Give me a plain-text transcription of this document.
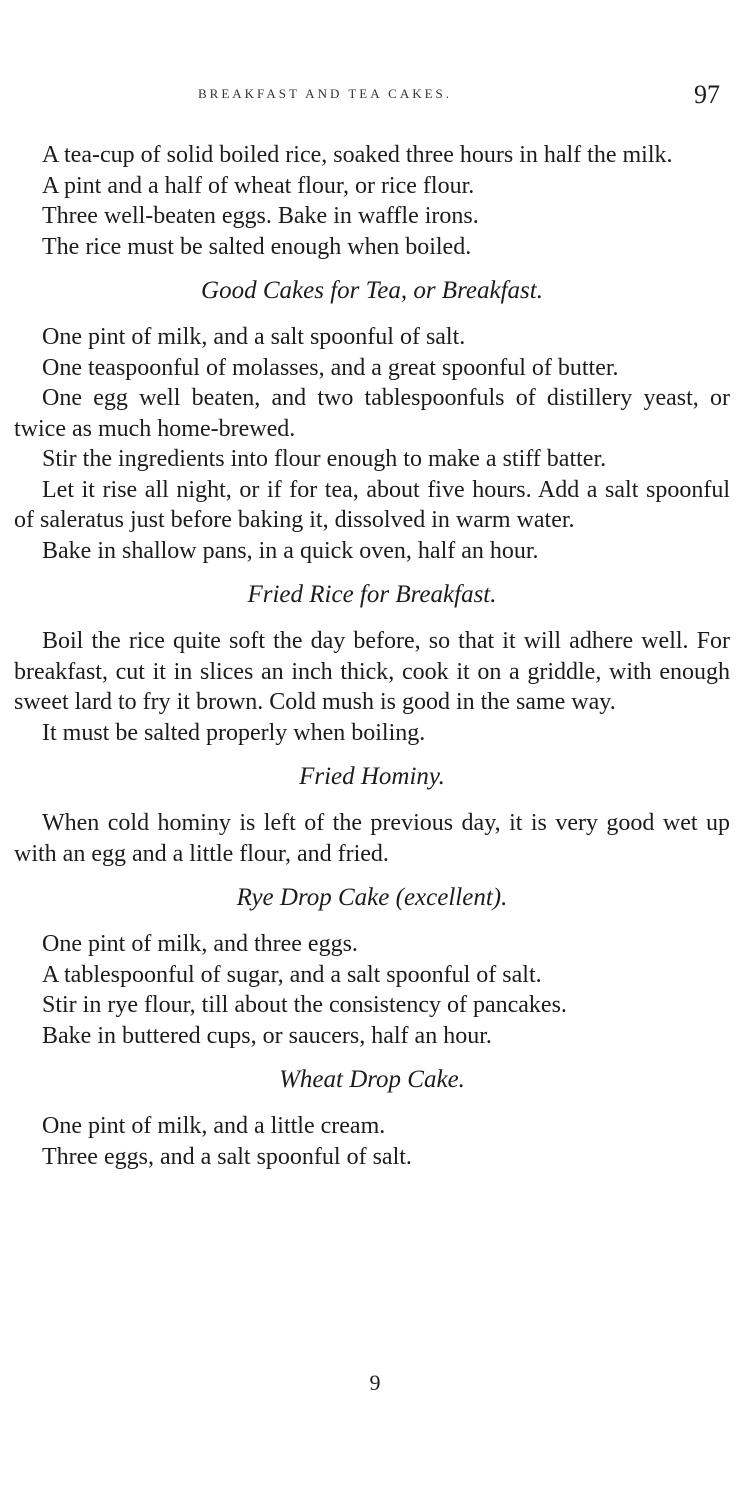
BREAKFAST AND TEA CAKES.	97

A tea-cup of solid boiled rice, soaked three hours in half the milk.

A pint and a half of wheat flour, or rice flour.

Three well-beaten eggs. Bake in waffle irons.

The rice must be salted enough when boiled.

Good Cakes for Tea, or Breakfast.

One pint of milk, and a salt spoonful of salt.

One teaspoonful of molasses, and a great spoonful of butter.

One egg well beaten, and two tablespoonfuls of distillery yeast, or twice as much home-brewed.

Stir the ingredients into flour enough to make a stiff batter.

Let it rise all night, or if for tea, about five hours. Add a salt spoonful of saleratus just before baking it, dissolved in warm water.

Bake in shallow pans, in a quick oven, half an hour.

Fried Rice for Breakfast.

Boil the rice quite soft the day before, so that it will adhere well. For breakfast, cut it in slices an inch thick, cook it on a griddle, with enough sweet lard to fry it brown. Cold mush is good in the same way.

It must be salted properly when boiling.

Fried Hominy.

When cold hominy is left of the previous day, it is very good wet up with an egg and a little flour, and fried.

Rye Drop Cake (excellent).

One pint of milk, and three eggs.

A tablespoonful of sugar, and a salt spoonful of salt.

Stir in rye flour, till about the consistency of pancakes.

Bake in buttered cups, or saucers, half an hour.

Wheat Drop Cake.

One pint of milk, and a little cream.

Three eggs, and a salt spoonful of salt.

9
